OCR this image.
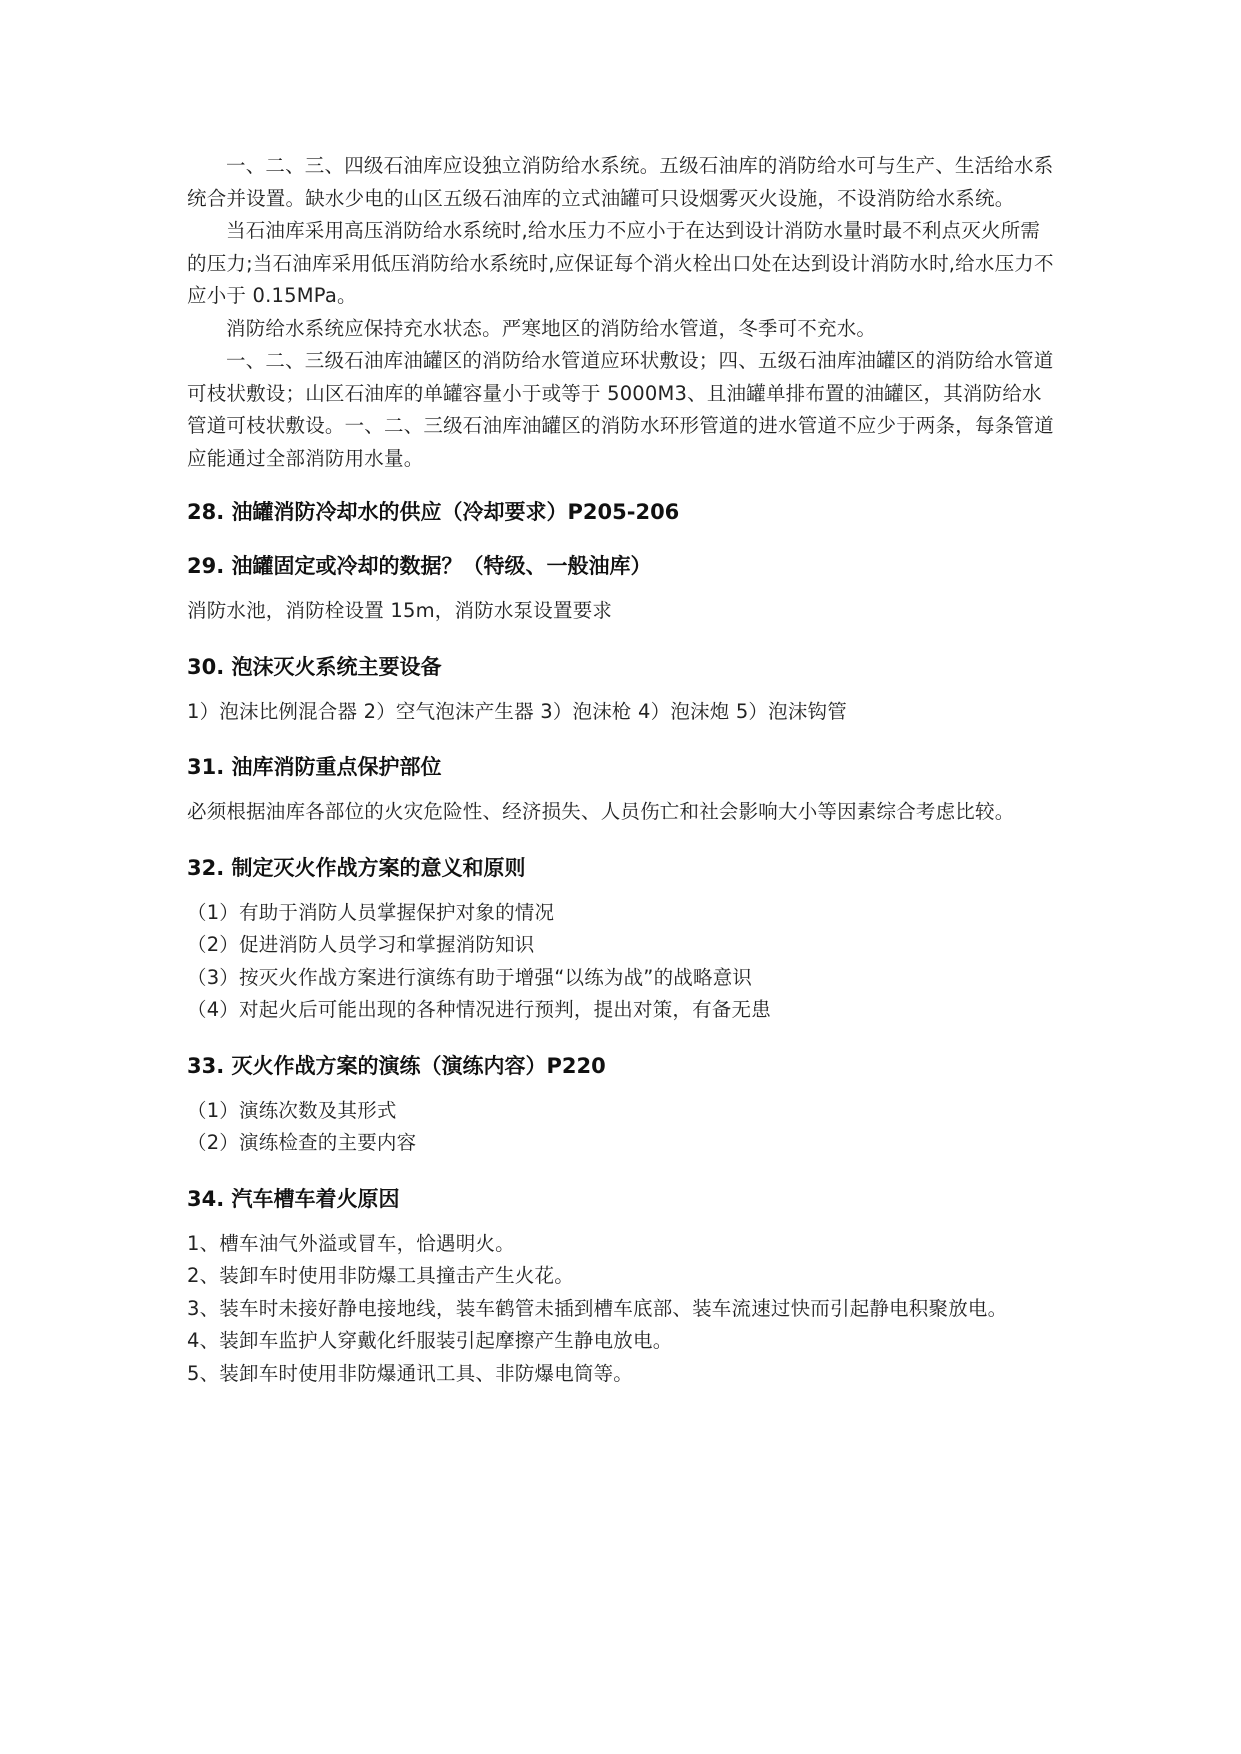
一、二、三、四级石油库应设独立消防给水系统。五级石油库的消防给水可与生产、生活给水系统合并设置。缺水少电的山区五级石油库的立式油罐可只设烟雾灭火设施，不设消防给水系统。

当石油库采用高压消防给水系统时,给水压力不应小于在达到设计消防水量时最不利点灭火所需的压力;当石油库采用低压消防给水系统时,应保证每个消火栓出口处在达到设计消防水时,给水压力不应小于 0.15MPa。

消防给水系统应保持充水状态。严寒地区的消防给水管道，冬季可不充水。

一、二、三级石油库油罐区的消防给水管道应环状敷设；四、五级石油库油罐区的消防给水管道可枝状敷设；山区石油库的单罐容量小于或等于 5000M3、且油罐单排布置的油罐区，其消防给水管道可枝状敷设。一、二、三级石油库油罐区的消防水环形管道的进水管道不应少于两条，每条管道应能通过全部消防用水量。

28. 油罐消防冷却水的供应（冷却要求）P205-206
29. 油罐固定或冷却的数据？（特级、一般油库）

消防水池，消防栓设置 15m，消防水泵设置要求

30. 泡沫灭火系统主要设备

1）泡沫比例混合器 2）空气泡沫产生器 3）泡沫枪 4）泡沫炮 5）泡沫钩管

31. 油库消防重点保护部位

必须根据油库各部位的火灾危险性、经济损失、人员伤亡和社会影响大小等因素综合考虑比较。

32. 制定灭火作战方案的意义和原则
（1）有助于消防人员掌握保护对象的情况
（2）促进消防人员学习和掌握消防知识
（3）按灭火作战方案进行演练有助于增强“以练为战”的战略意识
（4）对起火后可能出现的各种情况进行预判，提出对策，有备无患
33. 灭火作战方案的演练（演练内容）P220
（1）演练次数及其形式
（2）演练检查的主要内容
34. 汽车槽车着火原因
1、槽车油气外溢或冒车，恰遇明火。
2、装卸车时使用非防爆工具撞击产生火花。
3、装车时未接好静电接地线，装车鹤管未插到槽车底部、装车流速过快而引起静电积聚放电。
4、装卸车监护人穿戴化纤服装引起摩擦产生静电放电。
5、装卸车时使用非防爆通讯工具、非防爆电筒等。
